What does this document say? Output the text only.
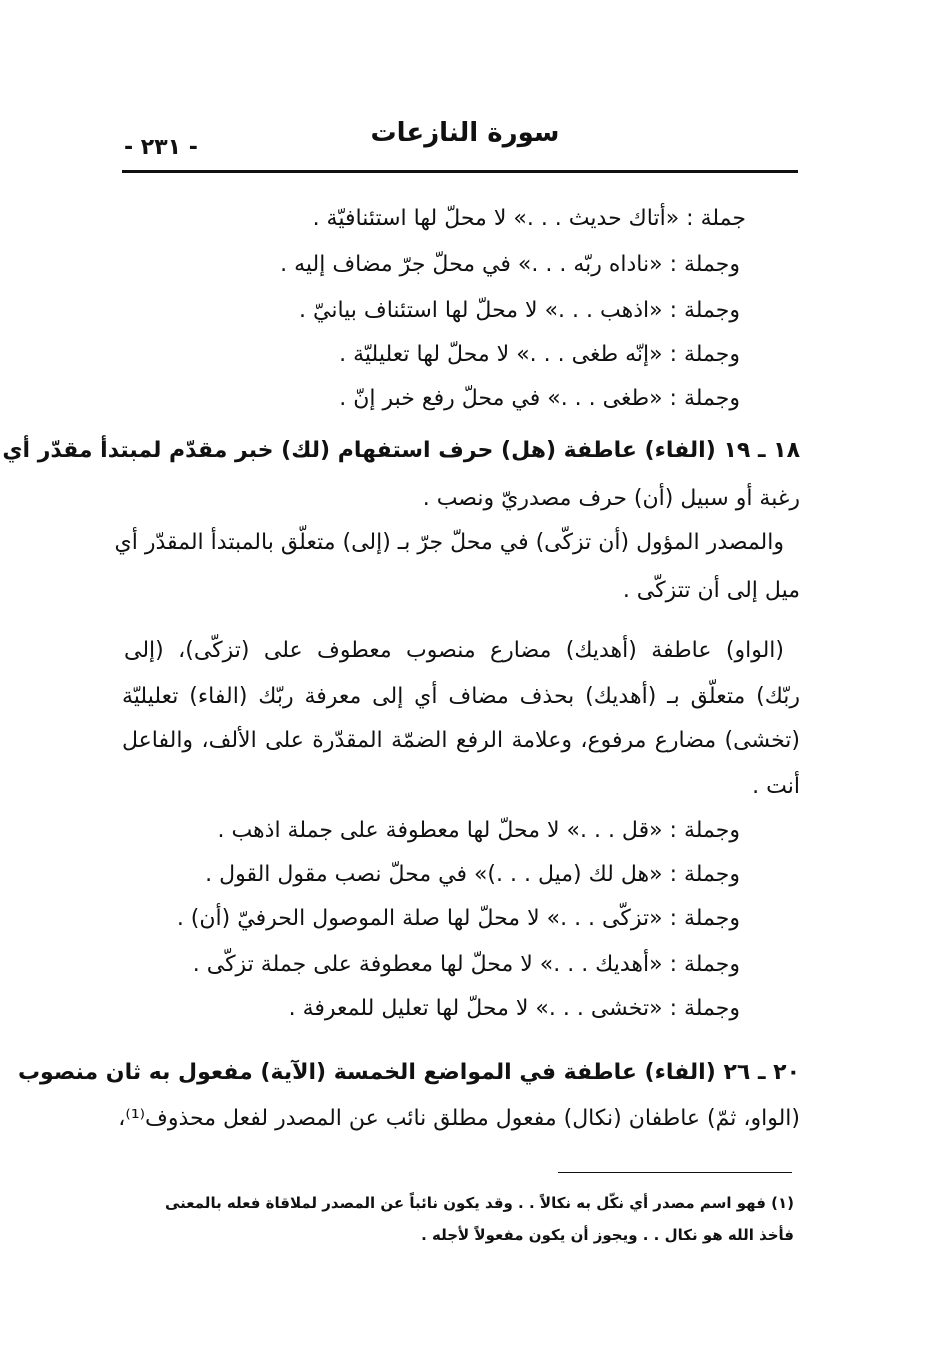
سورة النازعات
- ٢٣١ -
جملة : «أتاك حديث . . .» لا محلّ لها استئنافيّة .
وجملة : «ناداه ربّه . . .» في محلّ جرّ مضاف إليه .
وجملة : «اذهب . . .» لا محلّ لها استئناف بيانيّ .
وجملة : «إنّه طغى . . .» لا محلّ لها تعليليّة .
وجملة : «طغى . . .» في محلّ رفع خبر إنّ .
١٨ ـ ١٩ (الفاء) عاطفة (هل) حرف استفهام (لك) خبر مقدّم لمبتدأ مقدّر أي
رغبة أو سبيل (أن) حرف مصدريّ ونصب .
والمصدر المؤول (أن تزكّى) في محلّ جرّ بـ (إلى) متعلّق بالمبتدأ المقدّر أي
ميل إلى أن تتزكّى .
(الواو) عاطفة (أهديك) مضارع منصوب معطوف على (تزكّى)، (إلى
ربّك) متعلّق بـ (أهديك) بحذف مضاف أي إلى معرفة ربّك (الفاء) تعليليّة
(تخشى) مضارع مرفوع، وعلامة الرفع الضمّة المقدّرة على الألف، والفاعل
أنت .
وجملة : «قل . . .» لا محلّ لها معطوفة على جملة اذهب .
وجملة : «هل لك (ميل . . .)» في محلّ نصب مقول القول .
وجملة : «تزكّى . . .» لا محلّ لها صلة الموصول الحرفيّ (أن) .
وجملة : «أهديك . . .» لا محلّ لها معطوفة على جملة تزكّى .
وجملة : «تخشى . . .» لا محلّ لها تعليل للمعرفة .
٢٠ ـ ٢٦ (الفاء) عاطفة في المواضع الخمسة (الآية) مفعول به ثان منصوب
(الواو، ثمّ) عاطفان (نكال) مفعول مطلق نائب عن المصدر لفعل محذوف⁽¹⁾،
(١) فهو اسم مصدر أي نكّل به نكالاً . . وقد يكون نائباً عن المصدر لملاقاة فعله بالمعنى
فأخذ الله هو نكال . . ويجوز أن يكون مفعولاً لأجله .
